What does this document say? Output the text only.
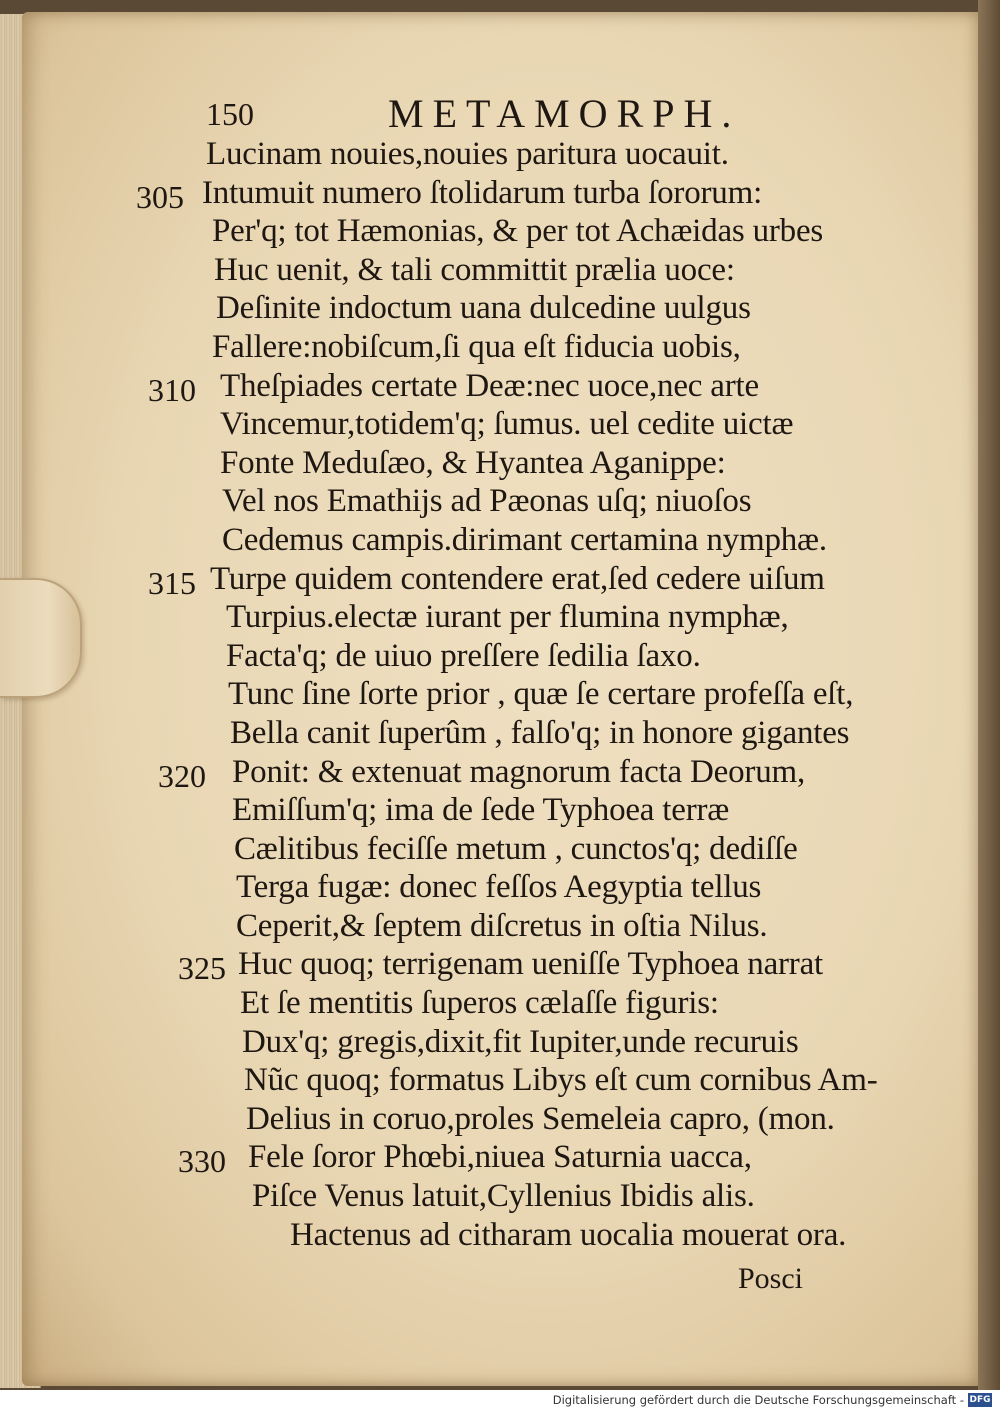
150	METAMORPH.
Lucinam nouies,nouies paritura uocauit.
305 Intumuit numero ſtolidarum turba ſororum:
Per'q; tot Hæmonias, & per tot Achæidas urbes
Huc uenit, & tali committit prælia uoce:
Deſinite indoctum uana dulcedine uulgus
Fallere:nobiſcum,ſi qua eſt fiducia uobis,
310 Theſpiades certate Deæ:nec uoce,nec arte
Vincemur,totidem'q; ſumus. uel cedite uictæ
Fonte Meduſæo, & Hyantea Aganippe:
Vel nos Emathijs ad Pæonas uſq; niuoſos
Cedemus campis.dirimant certamina nymphæ.
315 Turpe quidem contendere erat,ſed cedere uiſum
Turpius.electæ iurant per flumina nymphæ,
Facta'q; de uiuo preſſere ſedilia ſaxo.
Tunc ſine ſorte prior , quæ ſe certare profeſſa eſt,
Bella canit ſuperûm , falſo'q; in honore gigantes
320 Ponit: & extenuat magnorum facta Deorum,
Emiſſum'q; ima de ſede Typhoea terræ
Cælitibus feciſſe metum , cunctos'q; dediſſe
Terga fugæ: donec feſſos Aegyptia tellus
Ceperit,& ſeptem diſcretus in oſtia Nilus.
325 Huc quoq; terrigenam ueniſſe Typhoea narrat
Et ſe mentitis ſuperos cælaſſe figuris:
Dux'q; gregis,dixit,fit Iupiter,unde recuruis
Nũc quoq; formatus Libys eſt cum cornibus Am-
Delius in coruo,proles Semeleia capro, (mon.
330 Fele ſoror Phœbi,niuea Saturnia uacca,
Piſce Venus latuit,Cyllenius Ibidis alis.
Hactenus ad citharam uocalia mouerat ora.
Posci
Digitalisierung gefördert durch die Deutsche Forschungsgemeinschaft - DFG
